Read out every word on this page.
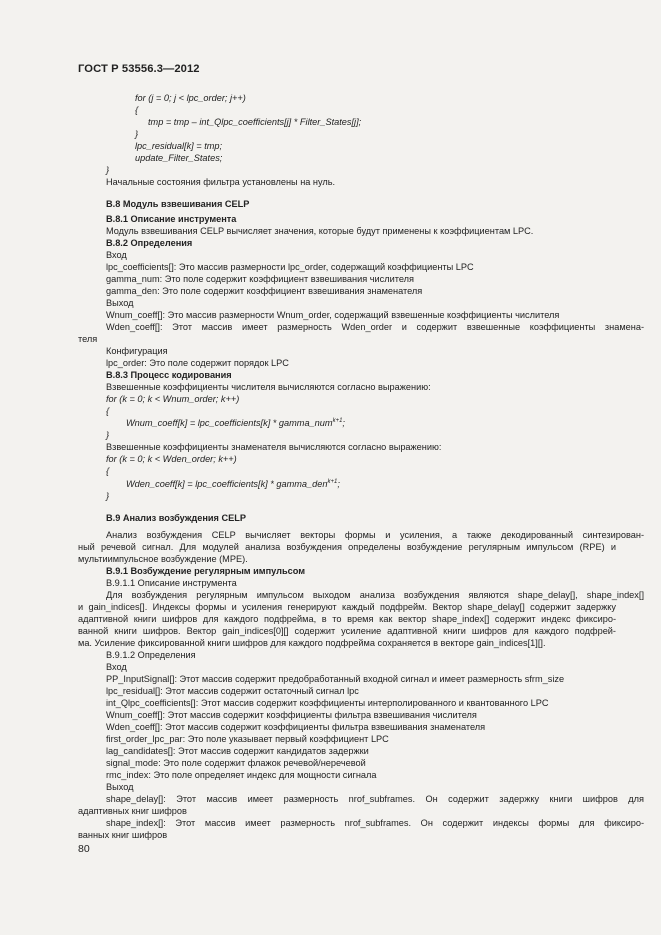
ГОСТ Р 53556.3—2012
for (j = 0; j < lpc_order; j++)
{
tmp = tmp – int_Qlpc_coefficients[j] * Filter_States[j];
}
lpc_residual[k] = tmp;
update_Filter_States;
}
Начальные состояния фильтра установлены на нуль.
В.8 Модуль взвешивания CELP
В.8.1 Описание инструмента
Модуль взвешивания CELP вычисляет значения, которые будут применены к коэффициентам LPC.
В.8.2 Определения
Вход
lpc_coefficients[]: Это массив размерности lpc_order, содержащий коэффициенты LPC
gamma_num: Это поле содержит коэффициент взвешивания числителя
gamma_den: Это поле содержит коэффициент взвешивания знаменателя
Выход
Wnum_coeff[]: Это массив размерности Wnum_order, содержащий взвешенные коэффициенты числителя
Wden_coeff[]: Этот массив имеет размерность Wden_order и содержит взвешенные коэффициенты знамена-
теля
Конфигурация
lpc_order: Это поле содержит порядок LPC
В.8.3 Процесс кодирования
Взвешенные коэффициенты числителя вычисляются согласно выражению:
for (k = 0; k < Wnum_order; k++)
{
Wnum_coeff[k] = lpc_coefficients[k] * gamma_num$^{k+1}$;
}
Взвешенные коэффициенты знаменателя вычисляются согласно выражению:
for (k = 0; k < Wden_order; k++)
{
Wden_coeff[k] = lpc_coefficients[k] * gamma_den$^{k+1}$;
}
В.9 Анализ возбуждения CELP
Анализ возбуждения CELP вычисляет векторы формы и усиления, а также декодированный синтезирован-
ный речевой сигнал. Для модулей анализа возбуждения определены возбуждение регулярным импульсом (RPE) и
мультиимпульсное возбуждение (MPE).
В.9.1 Возбуждение регулярным импульсом
В.9.1.1 Описание инструмента
Для возбуждения регулярным импульсом выходом анализа возбуждения являются shape_delay[], shape_index[]
и gain_indices[]. Индексы формы и усиления генерируют каждый подфрейм. Вектор shape_delay[] содержит задержку
адаптивной книги шифров для каждого подфрейма, в то время как вектор shape_index[] содержит индекс фиксиро-
ванной книги шифров. Вектор gain_indices[0][] содержит усиление адаптивной книги шифров для каждого подфрей-
ма. Усиление фиксированной книги шифров для каждого подфрейма сохраняется в векторе gain_indices[1][].
В.9.1.2 Определения
Вход
PP_InputSignal[]: Этот массив содержит предобработанный входной сигнал и имеет размерность sfrm_size
lpc_residual[]: Этот массив содержит остаточный сигнал lpc
int_Qlpc_coefficients[]: Этот массив содержит коэффициенты интерполированного и квантованного LPC
Wnum_coeff[]: Этот массив содержит коэффициенты фильтра взвешивания числителя
Wden_coeff[]: Этот массив содержит коэффициенты фильтра взвешивания знаменателя
first_order_lpc_par: Это поле указывает первый коэффициент LPC
lag_candidates[]: Этот массив содержит кандидатов задержки
signal_mode: Это поле содержит флажок речевой/неречевой
rmc_index: Это поле определяет индекс для мощности сигнала
Выход
shape_delay[]: Этот массив имеет размерность nrof_subframes. Он содержит задержку книги шифров для
адаптивных книг шифров
shape_index[]: Этот массив имеет размерность nrof_subframes. Он содержит индексы формы для фиксиро-
ванных книг шифров
80
